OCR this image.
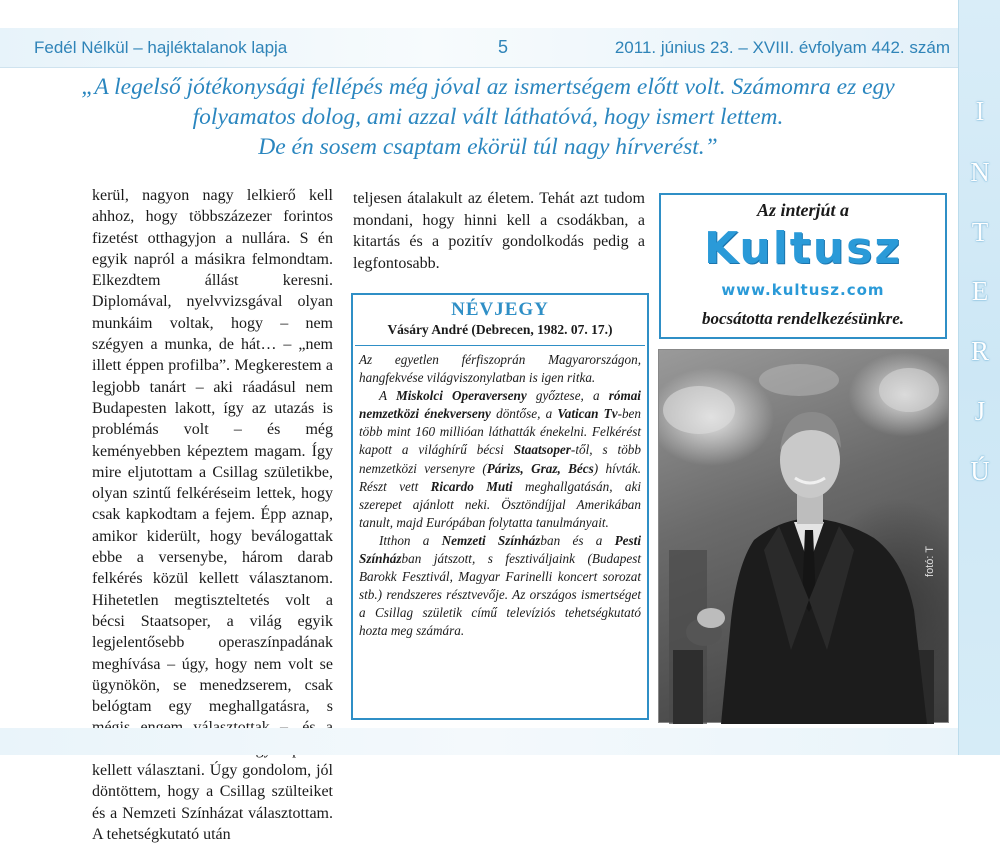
Fedél Nélkül – hajléktalanok lapja	5	2011. június 23. – XVIII. évfolyam 442. szám
I
N
T
E
R
J
Ú
„A legelső jótékonysági fellépés még jóval az ismertségem előtt volt. Számomra ez egy
folyamatos dolog, ami azzal vált láthatóvá, hogy ismert lettem.
De én sosem csaptam ekörül túl nagy hírverést.”

kerül, nagyon nagy lelkierő kell ahhoz, hogy többszázezer forintos fizetést otthagyjon a nullára. S én egyik napról a másikra felmondtam. Elkezdtem állást keresni. Diplomával, nyelvvizsgával olyan munkáim voltak, hogy – nem szégyen a munka, de hát… – „nem illett éppen profilba”. Megkerestem a legjobb tanárt – aki ráadásul nem Budapesten lakott, így az utazás is problémás volt – és még keményebben képeztem magam. Így mire eljutottam a Csillag születikbe, olyan szintű felkéréseim lettek, hogy csak kapkodtam a fejem. Épp aznap, amikor kiderült, hogy beválogattak ebbe a versenybe, három darab felkérés közül kellett választanom. Hihetetlen megtiszteltetés volt a bécsi Staatsoper, a világ egyik legjelentősebb operaszínpadának meghívása – úgy, hogy nem volt se ügynökön, se menedzserem, csak belógtam egy meghallgatásra, s kellett választani. Úgy gondolom, jól döntöttem, hogy a Csillag szülteiket és a Nemzeti Színházat választottam. A tehetségkutató után

teljesen átalakult az életem. Tehát azt tudom mondani, hogy hinni kell a csodákban, a kitartás és a pozitív gondolkodás pedig a legfontosabb.

NÉVJEGY
Vásáry André (Debrecen, 1982. 07. 17.)

Az egyetlen férfiszoprán Magyarországon, hangfekvése világviszonylatban is igen ritka.

A Miskolci Operaverseny győztese, a római nemzetközi énekverseny döntőse, a Vatican Tv-ben több mint 160 millióan láthatták énekelni. Felkérést kapott a világhírű bécsi Staatsoper-től, s több nemzetközi versenyre (Párizs, Graz, Bécs) hívták. Részt vett Ricardo Muti meghallgatásán, aki szerepet ajánlott neki. Ösztöndíjjal Amerikában tanult, majd Európában folytatta tanulmányait.

Itthon a Nemzeti Színházban és a Pesti Színházban játszott, s fesztiváljaink (Budapest Barokk Fesztivál, Magyar Farinelli koncert sorozat stb.) rendszeres résztvevője. Az országos ismertséget a Csillag születik című televíziós tehetségkutató hozta meg számára.

Az interjút a
Kultusz
www.kultusz.com
bocsátotta rendelkezésünkre.
fotó: T
